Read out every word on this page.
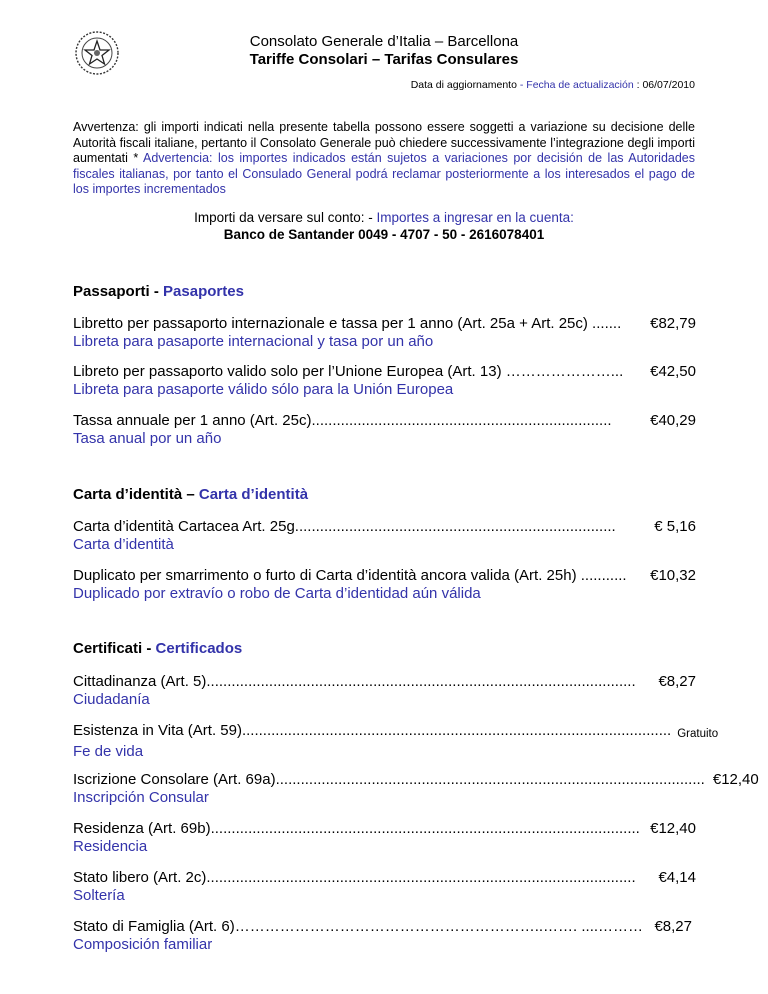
Consolato Generale d’Italia – Barcellona
Tariffe Consolari – Tarifas Consulares
Data di aggiornamento - Fecha de actualización : 06/07/2010
Avvertenza: gli importi indicati nella presente tabella possono essere soggetti a variazione su decisione delle Autorità fiscali italiane, pertanto il Consolato Generale può chiedere successivamente l’integrazione degli importi aumentati * Advertencia: los importes indicados están sujetos a variaciones por decisión de las Autoridades fiscales italianas, por tanto el Consulado General podrá reclamar posteriormente a los interesados el pago de los importes incrementados
Importi da versare sul conto: - Importes a ingresar en la cuenta:
Banco de Santander 0049 - 4707 - 50 - 2616078401
Passaporti - Pasaportes
Libretto per passaporto internazionale e tassa per 1 anno (Art. 25a + Art. 25c) ....... €82,79
Libreta para pasaporte internacional y tasa por un año
Libreto per passaporto valido solo per l’Unione Europea (Art. 13) …………………... €42,50
Libreta para pasaporte válido sólo para la Unión Europea
Tassa annuale per 1 anno (Art. 25c) ........................................................................	€40,29
Tasa anual por un año
Carta d’identità – Carta d’identità
Carta d’identità Cartacea Art. 25g .............................................................................	€ 5,16
Carta d’identità
Duplicato per smarrimento o furto di Carta d’identità ancora valida (Art. 25h) ........... €10,32
Duplicado por extravío o robo de Carta d’identidad aún válida
Certificati - Certificados
Cittadinanza (Art. 5) .......................................................................................................	€8,27
Ciudadanía
Esistenza in Vita (Art. 59) ....................................................................................................... Gratuito
Fe de vida
Iscrizione Consolare (Art. 69a) ....................................................................................................... €12,40
Inscripción Consular
Residenza (Art. 69b) ....................................................................................................... €12,40
Residencia
Stato libero (Art. 2c) .......................................................................................................	€4,14
Soltería
Stato di Famiglia (Art. 6) ……………………………………………………..……. ....……… €8,27
Composición familiar
